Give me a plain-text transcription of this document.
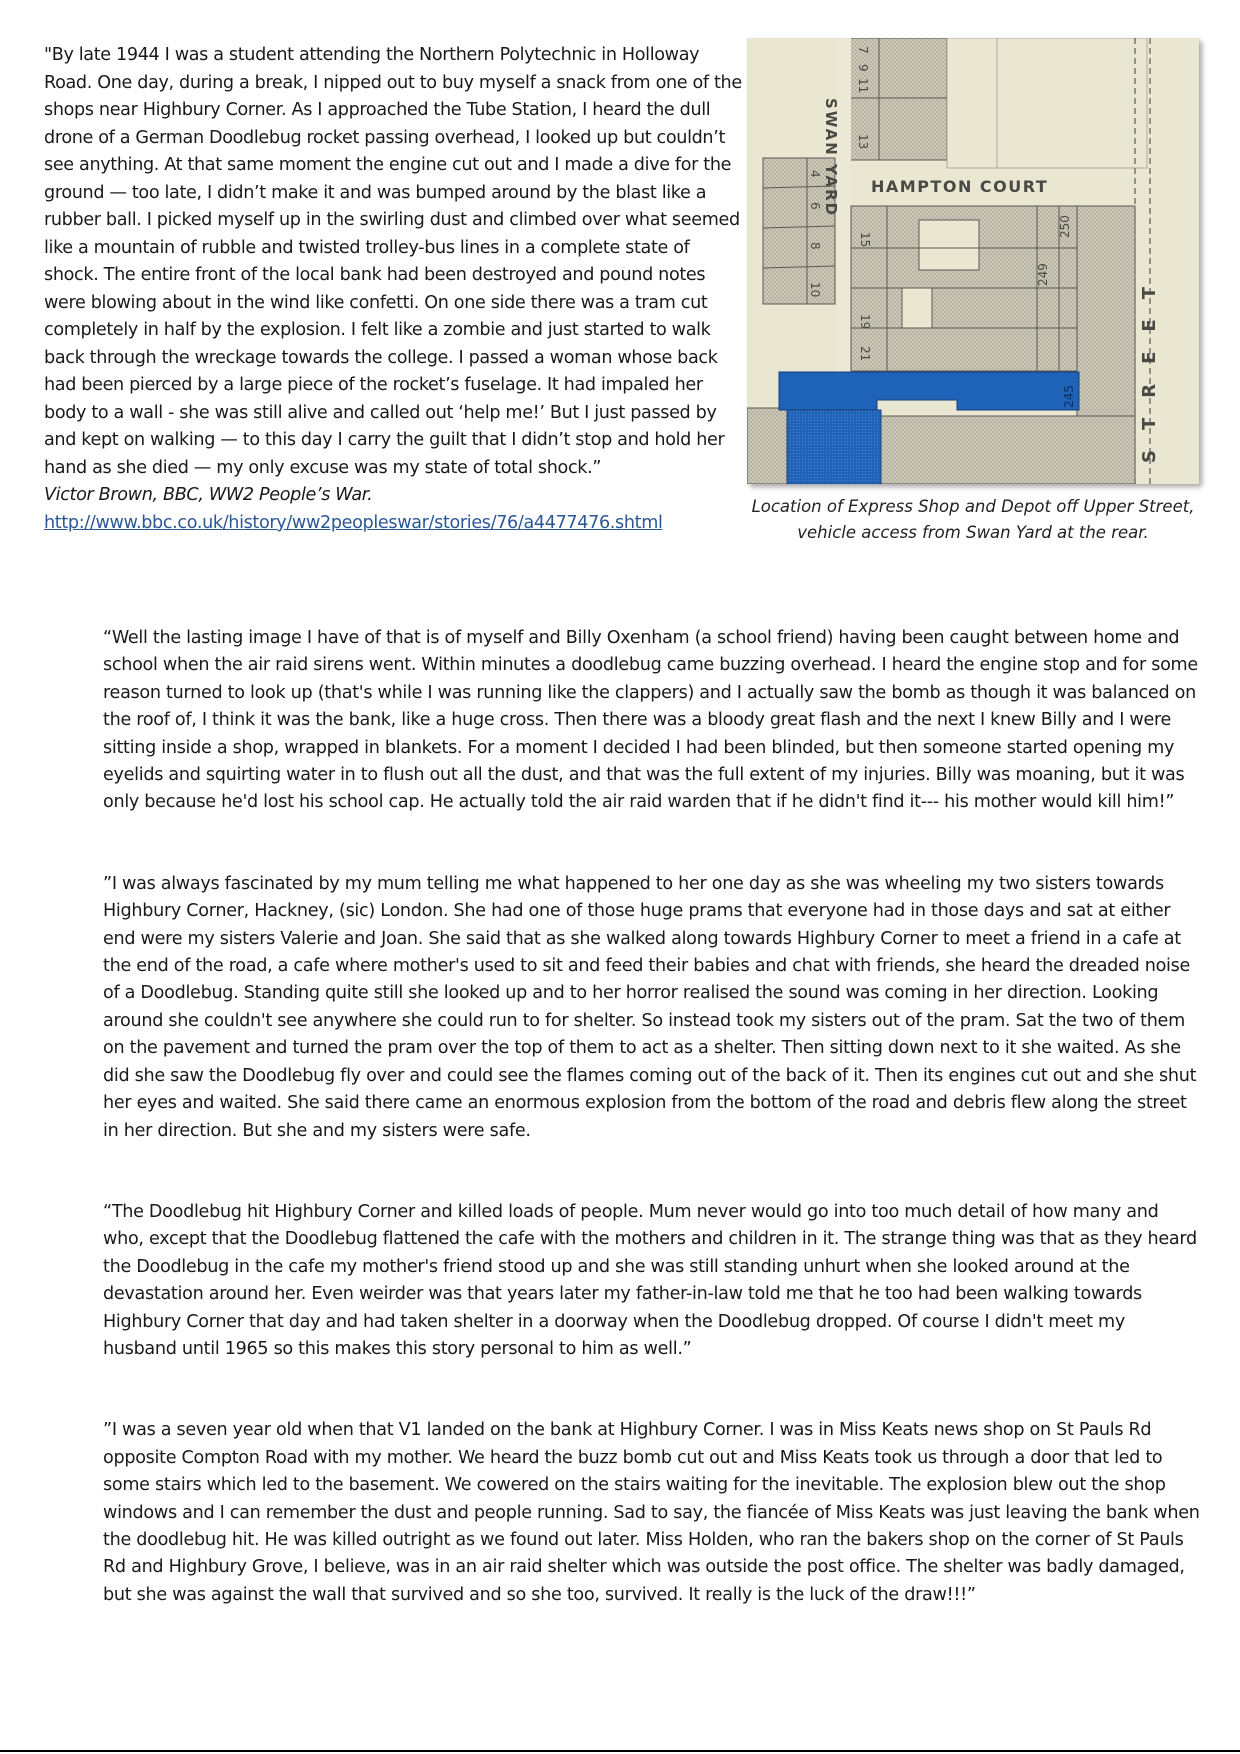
"By late 1944 I was a student attending the Northern Polytechnic in Holloway Road. One day, during a break, I nipped out to buy myself a snack from one of the shops near Highbury Corner. As I approached the Tube Station, I heard the dull drone of a German Doodlebug rocket passing overhead, I looked up but couldn’t see anything. At that same moment the engine cut out and I made a dive for the ground — too late, I didn’t make it and was bumped around by the blast like a rubber ball. I picked myself up in the swirling dust and climbed over what seemed like a mountain of rubble and twisted trolley-bus lines in a complete state of shock. The entire front of the local bank had been destroyed and pound notes were blowing about in the wind like confetti. On one side there was a tram cut completely in half by the explosion. I felt like a zombie and just started to walk back through the wreckage towards the college. I passed a woman whose back had been pierced by a large piece of the rocket’s fuselage. It had impaled her body to a wall - she was still alive and called out ‘help me!’ But I just passed by and kept on walking — to this day I carry the guilt that I didn’t stop and hold her hand as she died — my only excuse was my state of total shock.”

Victor Brown, BBC, WW2 People’s War.

http://www.bbc.co.uk/history/ww2peopleswar/stories/76/a4477476.shtml
SWAN YARD HAMPTON COURT
STREET
7
9
11
13
4
6
8
10
15
19
21
249
250
245
Location of Express Shop and Depot off Upper Street, vehicle access from Swan Yard at the rear.

“Well the lasting image I have of that is of myself and Billy Oxenham (a school friend) having been caught between home and school when the air raid sirens went. Within minutes a doodlebug came buzzing overhead. I heard the engine stop and for some reason turned to look up (that's while I was running like the clappers) and I actually saw the bomb as though it was balanced on the roof of, I think it was the bank, like a huge cross. Then there was a bloody great flash and the next I knew Billy and I were sitting inside a shop, wrapped in blankets. For a moment I decided I had been blinded, but then someone started opening my eyelids and squirting water in to flush out all the dust, and that was the full extent of my injuries. Billy was moaning, but it was only because he'd lost his school cap. He actually told the air raid warden that if he didn't find it--- his mother would kill him!”

”I was always fascinated by my mum telling me what happened to her one day as she was wheeling my two sisters towards Highbury Corner, Hackney, (sic) London. She had one of those huge prams that everyone had in those days and sat at either end were my sisters Valerie and Joan. She said that as she walked along towards Highbury Corner to meet a friend in a cafe at the end of the road, a cafe where mother's used to sit and feed their babies and chat with friends, she heard the dreaded noise of a Doodlebug. Standing quite still she looked up and to her horror realised the sound was coming in her direction. Looking around she couldn't see anywhere she could run to for shelter. So instead took my sisters out of the pram. Sat the two of them on the pavement and turned the pram over the top of them to act as a shelter. Then sitting down next to it she waited. As she did she saw the Doodlebug fly over and could see the flames coming out of the back of it. Then its engines cut out and she shut her eyes and waited. She said there came an enormous explosion from the bottom of the road and debris flew along the street in her direction. But she and my sisters were safe.

“The Doodlebug hit Highbury Corner and killed loads of people. Mum never would go into too much detail of how many and who, except that the Doodlebug flattened the cafe with the mothers and children in it. The strange thing was that as they heard the Doodlebug in the cafe my mother's friend stood up and she was still standing unhurt when she looked around at the devastation around her. Even weirder was that years later my father-in-law told me that he too had been walking towards Highbury Corner that day and had taken shelter in a doorway when the Doodlebug dropped. Of course I didn't meet my husband until 1965 so this makes this story personal to him as well.”

”I was a seven year old when that V1 landed on the bank at Highbury Corner. I was in Miss Keats news shop on St Pauls Rd opposite Compton Road with my mother. We heard the buzz bomb cut out and Miss Keats took us through a door that led to some stairs which led to the basement. We cowered on the stairs waiting for the inevitable. The explosion blew out the shop windows and I can remember the dust and people running. Sad to say, the fiancée of Miss Keats was just leaving the bank when the doodlebug hit. He was killed outright as we found out later. Miss Holden, who ran the bakers shop on the corner of St Pauls Rd and Highbury Grove, I believe, was in an air raid shelter which was outside the post office. The shelter was badly damaged, but she was against the wall that survived and so she too, survived. It really is the luck of the draw!!!”
